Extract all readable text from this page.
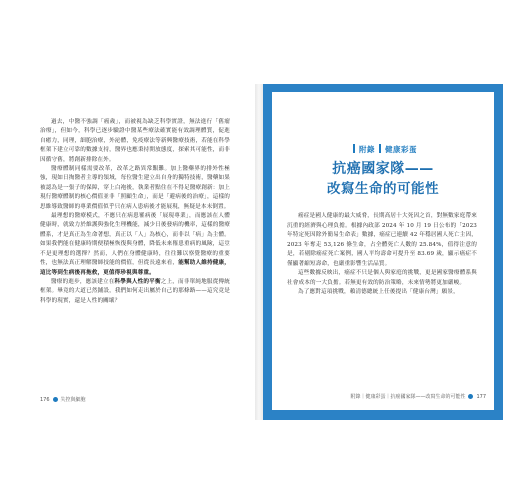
過去，中醫不強調「癌歲」，而被視為缺乏科學實證，無法進行「舊瘤治療」，但如今，科學已逐步驗證中醫某些療法確實能有效調理體質，促進自癒力，同理，細胞治療，外泌體，免疫療法等新興醫療技術，若能在科學框架下建立可靠的數據支持，醫界也應秉持開放態度，探索其可能性，而非因循守舊，將創新排除在外。

醫療體制同樣需要改革，改革之路異常艱難。加上醫藥界的排外性極強，現如日掏醫者主導的領域，每位醫生建立出自身的獨特技術，醫藥如果被認為是一張子的保障，穿上白袍後，執業者點住在不得足醫療創新：加上現行醫療體制的核心價值並非「照顧生命」，而是「避病後的治療」，這樣的思維導致醫師的專業價值似乎只在病人患病後才能展現，無疑是本末倒置。

最理想的醫療模式，不應只在病患罹病後「展現專業」，而應該在人體健康時，就致力於維護與強化生理機能，減少日後發病的機率，這樣的醫療體系，才是真正為生命著想，真正以「人」為核心，而非以「病」為主體。如果我們能在健康時期便積極恢復與身體，降低未來罹患重病的風險，這豈不是更理想的選擇？然而，人們在身體健康時，往往難以察覺醫療的重要性，也無法真正理解醫師技能的價值，但從長遠來看，能幫助人維持健康，這比等到生病後再拖救，更值得珍視與尊重。

醫療的進步，應該建立在科學與人性的平衡之上，而非單純地服從傳統框架。畢竟的大道已然鋪設，我們如何走出屬於自己的那條路——這究竟是科學的現實，還是人性的關壞？

176 失控與細胞
附錄 健康彩蛋
抗癌國家隊——
改寫生命的可能性

癌症是國人健康的最大威脅，長期高居十大死因之首，對無數家庭帶來沉重的經濟與心理負擔。根據內政部 2024 年 10 月 19 日公布的「2023 年特定死因除外簡易生命表」數據，癌症已連續 42 年穩居國人死亡主因，2023 年奪走 53,126 條生命，占全體死亡人數的 25.84%，值得注意的是，若剔除癌症死亡案例，國人平均壽命可提升至 83.69 歲，顯示癌症不僅顯著縮短壽命，也嚴重影響生活品質。

這些數據反映出，癌症不只是個人與家庭的挑戰，更是國家醫療體系與社會成本的一大負擔。若無更有效的防治策略，未來情勢將更加嚴峻。

為了應對這項挑戰，賴清德總統上任後提出「健康台灣」願景，

附錄｜健康彩蛋｜抗癌國家隊——改寫生命的可能性 177
